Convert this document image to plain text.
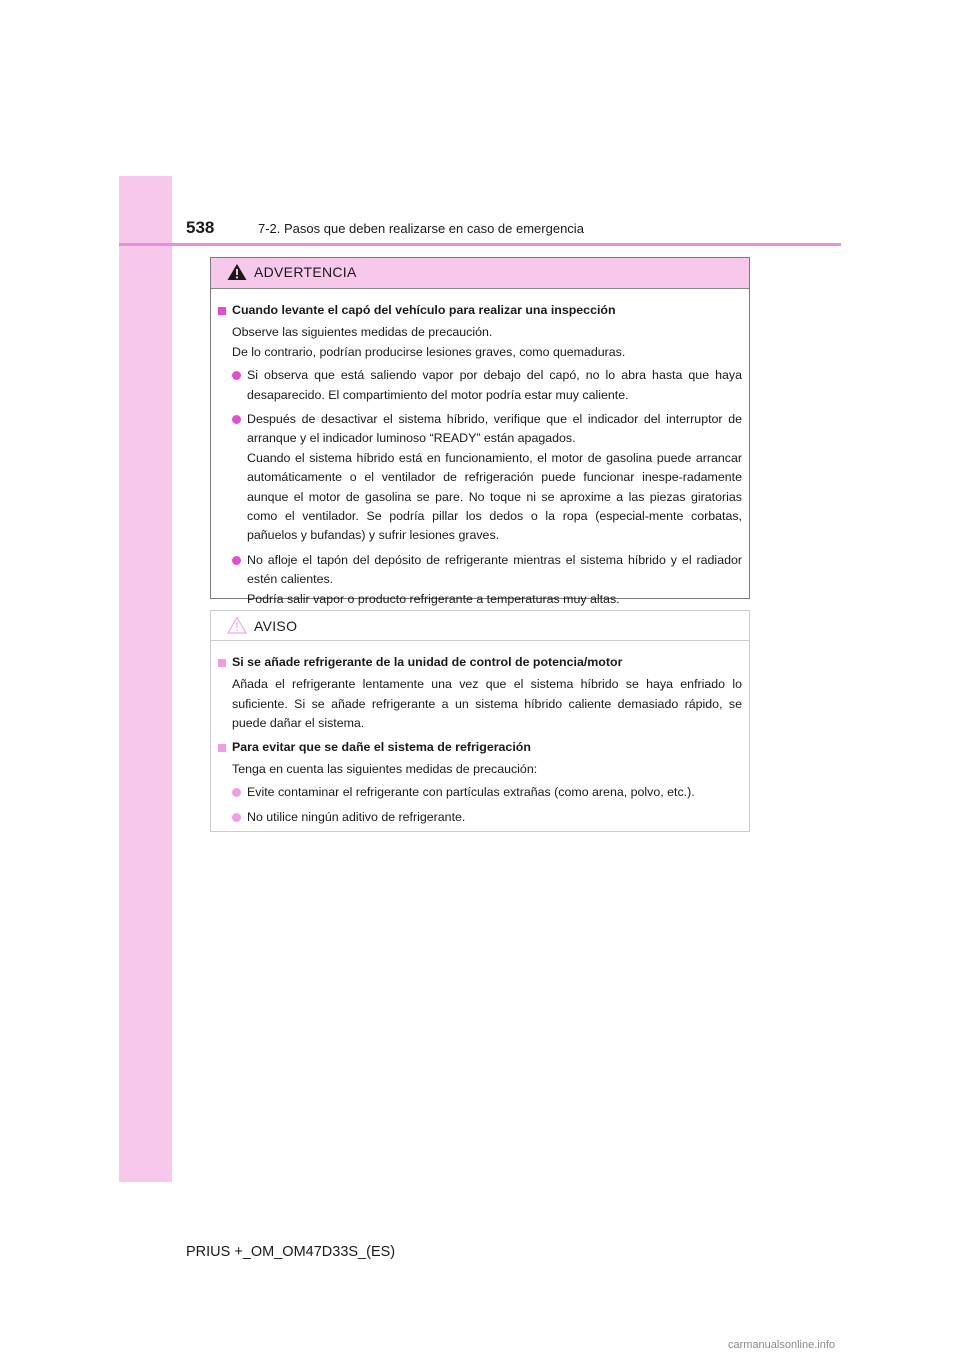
538	7-2. Pasos que deben realizarse en caso de emergencia
ADVERTENCIA
Cuando levante el capó del vehículo para realizar una inspección
Observe las siguientes medidas de precaución.
De lo contrario, podrían producirse lesiones graves, como quemaduras.
Si observa que está saliendo vapor por debajo del capó, no lo abra hasta que haya desaparecido. El compartimiento del motor podría estar muy caliente.
Después de desactivar el sistema híbrido, verifique que el indicador del interruptor de arranque y el indicador luminoso “READY” están apagados.
Cuando el sistema híbrido está en funcionamiento, el motor de gasolina puede arrancar automáticamente o el ventilador de refrigeración puede funcionar inespe-radamente aunque el motor de gasolina se pare. No toque ni se aproxime a las piezas giratorias como el ventilador. Se podría pillar los dedos o la ropa (especial-mente corbatas, pañuelos y bufandas) y sufrir lesiones graves.
No afloje el tapón del depósito de refrigerante mientras el sistema híbrido y el radiador estén calientes.
Podría salir vapor o producto refrigerante a temperaturas muy altas.
AVISO
Si se añade refrigerante de la unidad de control de potencia/motor
Añada el refrigerante lentamente una vez que el sistema híbrido se haya enfriado lo suficiente. Si se añade refrigerante a un sistema híbrido caliente demasiado rápido, se puede dañar el sistema.
Para evitar que se dañe el sistema de refrigeración
Tenga en cuenta las siguientes medidas de precaución:
Evite contaminar el refrigerante con partículas extrañas (como arena, polvo, etc.).
No utilice ningún aditivo de refrigerante.
PRIUS +_OM_OM47D33S_(ES)
carmanualsonline.info
